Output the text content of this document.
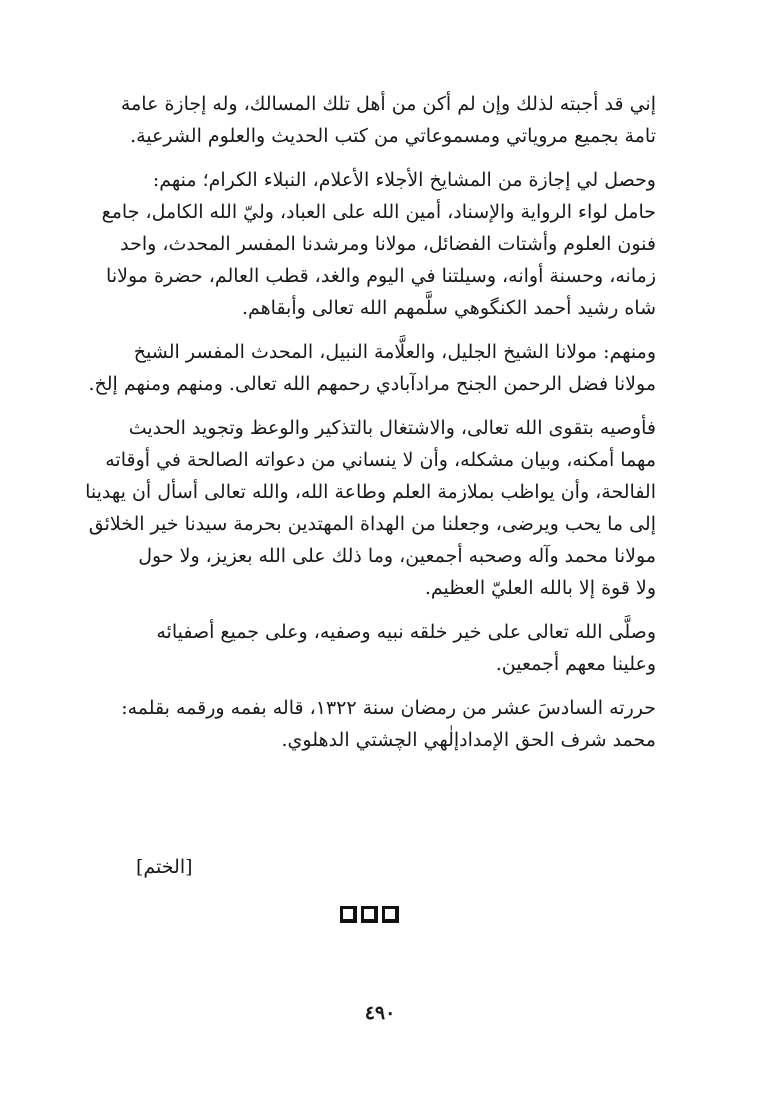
إني قد أجبته لذلك وإن لم أكن من أهل تلك المسالك، وله إجازة عامة
تامة بجميع مروياتي ومسموعاتي من كتب الحديث والعلوم الشرعية.

وحصل لي إجازة من المشايخ الأجلاء الأعلام، النبلاء الكرام؛ منهم:
حامل لواء الرواية والإسناد، أمين الله على العباد، وليّ الله الكامل، جامع
فنون العلوم وأشتات الفضائل، مولانا ومرشدنا المفسر المحدث، واحد
زمانه، وحسنة أوانه، وسيلتنا في اليوم والغد، قطب العالم، حضرة مولانا
شاه رشيد أحمد الكنگوهي سلَّمهم الله تعالى وأبقاهم.

ومنهم: مولانا الشيخ الجليل، والعلَّامة النبيل، المحدث المفسر الشيخ
مولانا فضل الرحمن الجنح مرادآبادي رحمهم الله تعالى. ومنهم ومنهم إلخ.

فأوصيه بتقوى الله تعالى، والاشتغال بالتذكير والوعظ وتجويد الحديث
مهما أمكنه، وبيان مشكله، وأن لا ينساني من دعواته الصالحة في أوقاته
الفالحة، وأن يواظب بملازمة العلم وطاعة الله، والله تعالى أسأل أن يهدينا
إلى ما يحب ويرضى، وجعلنا من الهداة المهتدين بحرمة سيدنا خير الخلائق
مولانا محمد وآله وصحبه أجمعين، وما ذلك على الله بعزيز، ولا حول
ولا قوة إلا بالله العليّ العظيم.

وصلَّى الله تعالى على خير خلقه نبيه وصفيه، وعلى جميع أصفيائه
وعلينا معهم أجمعين.

حررته السادسَ عشر من رمضان سنة ١٣٢٢، قاله بفمه ورقمه بقلمه:
محمد شرف الحق الإمدادإلٰهي الچشتي الدهلوي.

[الختم]
٤٩٠
